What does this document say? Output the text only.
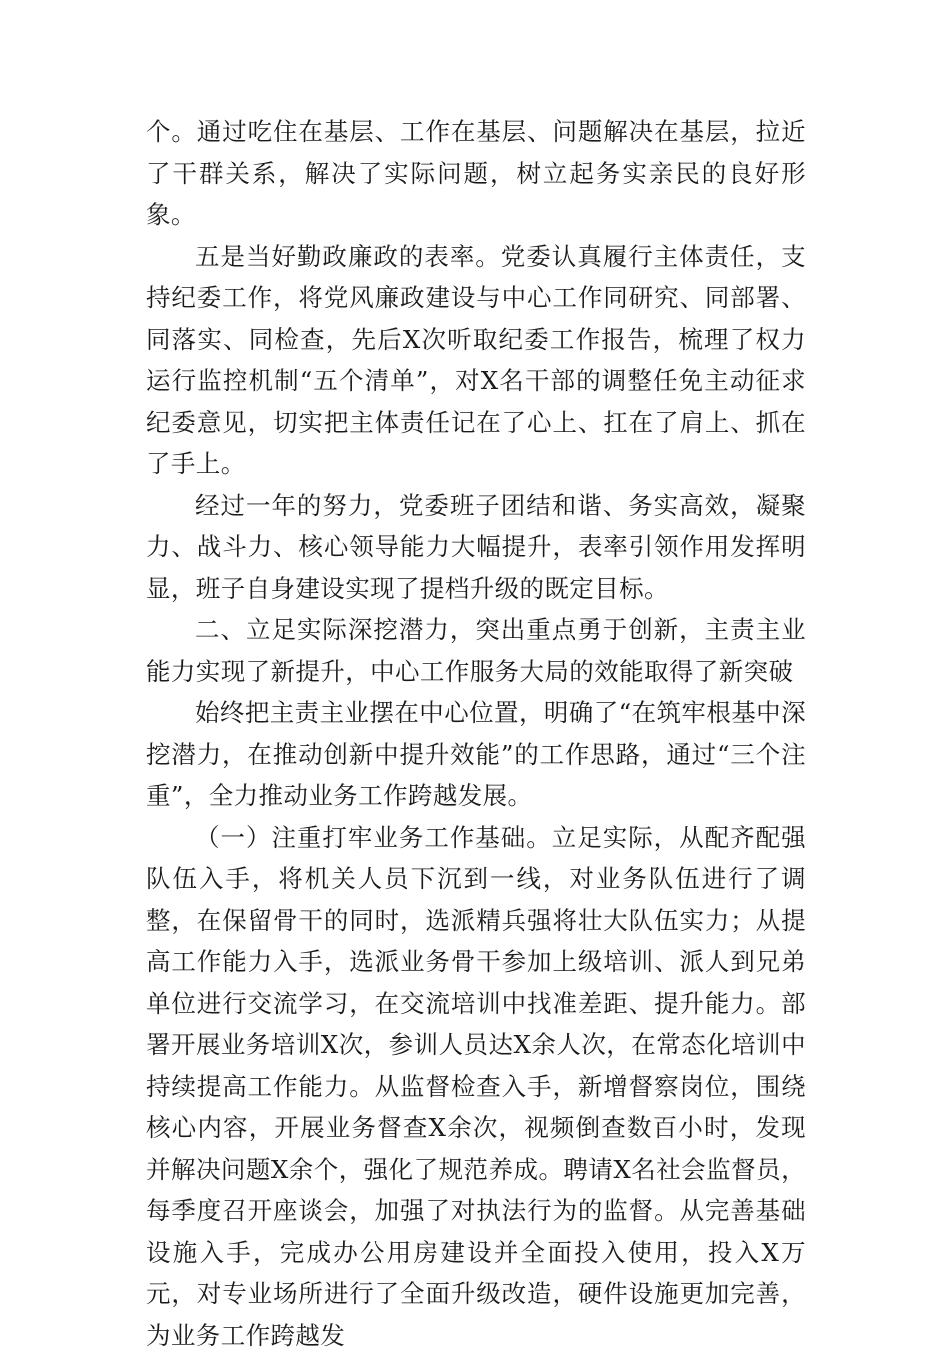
个。通过吃住在基层、工作在基层、问题解决在基层，拉近了干群关系，解决了实际问题，树立起务实亲民的良好形象。

五是当好勤政廉政的表率。党委认真履行主体责任，支持纪委工作，将党风廉政建设与中心工作同研究、同部署、同落实、同检查，先后X次听取纪委工作报告，梳理了权力运行监控机制“五个清单”，对X名干部的调整任免主动征求纪委意见，切实把主体责任记在了心上、扛在了肩上、抓在了手上。

经过一年的努力，党委班子团结和谐、务实高效，凝聚力、战斗力、核心领导能力大幅提升，表率引领作用发挥明显，班子自身建设实现了提档升级的既定目标。

二、立足实际深挖潜力，突出重点勇于创新，主责主业能力实现了新提升，中心工作服务大局的效能取得了新突破

始终把主责主业摆在中心位置，明确了“在筑牢根基中深挖潜力，在推动创新中提升效能”的工作思路，通过“三个注重”，全力推动业务工作跨越发展。

（一）注重打牢业务工作基础。立足实际，从配齐配强队伍入手，将机关人员下沉到一线，对业务队伍进行了调整，在保留骨干的同时，选派精兵强将壮大队伍实力；从提高工作能力入手，选派业务骨干参加上级培训、派人到兄弟单位进行交流学习，在交流培训中找准差距、提升能力。部署开展业务培训X次，参训人员达X余人次，在常态化培训中持续提高工作能力。从监督检查入手，新增督察岗位，围绕核心内容，开展业务督查X余次，视频倒查数百小时，发现并解决问题X余个，强化了规范养成。聘请X名社会监督员，每季度召开座谈会，加强了对执法行为的监督。从完善基础设施入手，完成办公用房建设并全面投入使用，投入X万元，对专业场所进行了全面升级改造，硬件设施更加完善，为业务工作跨越发
